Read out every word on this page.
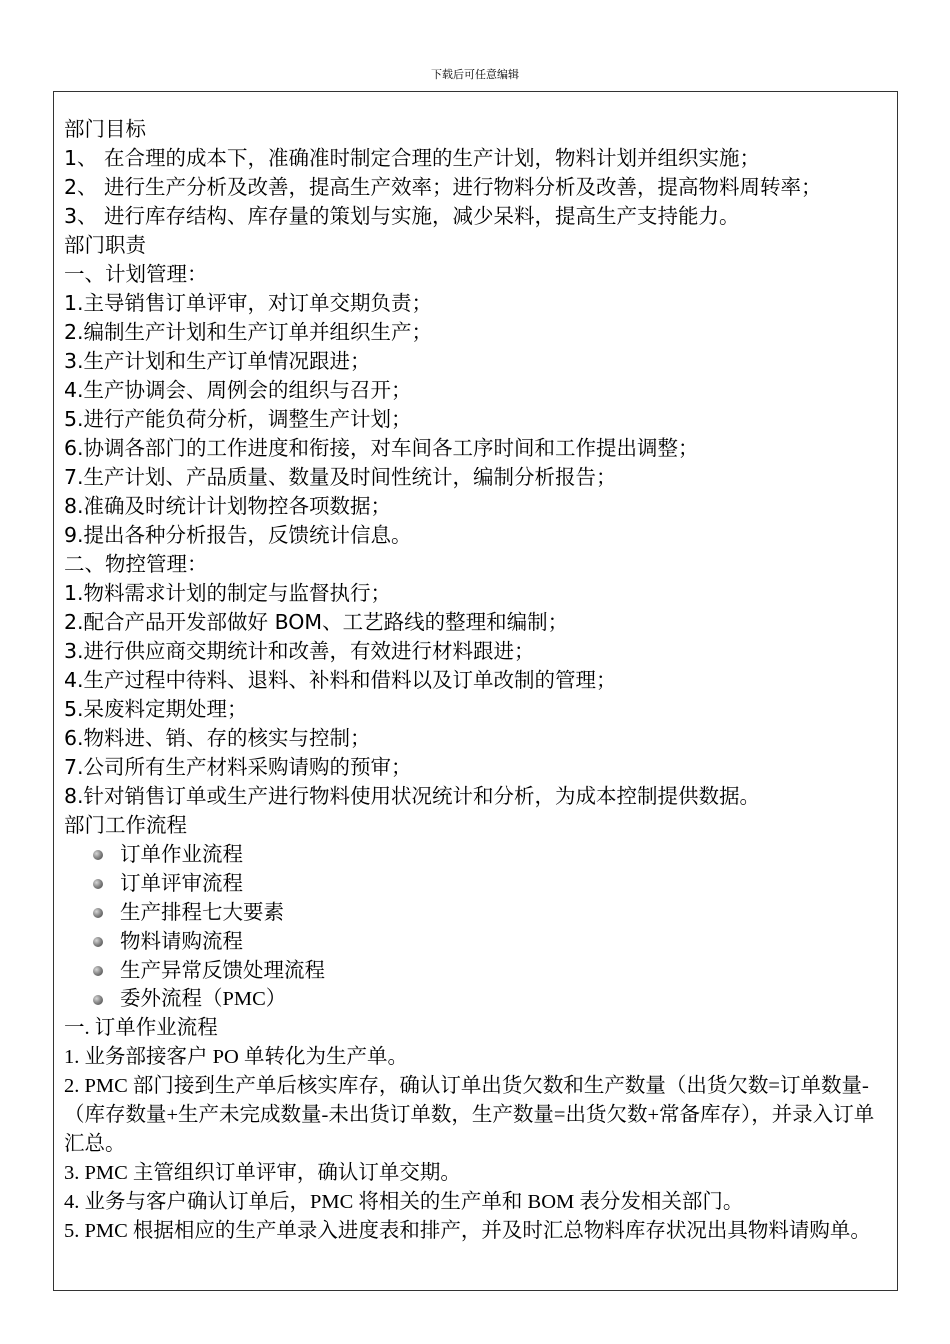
下载后可任意编辑
部门目标
1、 在合理的成本下，准确准时制定合理的生产计划，物料计划并组织实施；
2、 进行生产分析及改善，提高生产效率；进行物料分析及改善，提高物料周转率；
3、 进行库存结构、库存量的策划与实施，减少呆料，提高生产支持能力。
部门职责
一、计划管理：
1.主导销售订单评审，对订单交期负责；
2.编制生产计划和生产订单并组织生产；
3.生产计划和生产订单情况跟进；
4.生产协调会、周例会的组织与召开；
5.进行产能负荷分析，调整生产计划；
6.协调各部门的工作进度和衔接，对车间各工序时间和工作提出调整；
7.生产计划、产品质量、数量及时间性统计，编制分析报告；
8.准确及时统计计划物控各项数据；
9.提出各种分析报告，反馈统计信息。
二、物控管理：
1.物料需求计划的制定与监督执行；
2.配合产品开发部做好 BOM、工艺路线的整理和编制；
3.进行供应商交期统计和改善，有效进行材料跟进；
4.生产过程中待料、退料、补料和借料以及订单改制的管理；
5.呆废料定期处理；
6.物料进、销、存的核实与控制；
7.公司所有生产材料采购请购的预审；
8.针对销售订单或生产进行物料使用状况统计和分析，为成本控制提供数据。
部门工作流程
订单作业流程
订单评审流程
生产排程七大要素
物料请购流程
生产异常反馈处理流程
委外流程（PMC）
一. 订单作业流程
1. 业务部接客户 PO 单转化为生产单。
2. PMC 部门接到生产单后核实库存，确认订单出货欠数和生产数量（出货欠数=订单数量-（库存数量+生产未完成数量-未出货订单数，生产数量=出货欠数+常备库存），并录入订单汇总。
3. PMC 主管组织订单评审，确认订单交期。
4. 业务与客户确认订单后，PMC 将相关的生产单和 BOM 表分发相关部门。
5. PMC 根据相应的生产单录入进度表和排产，并及时汇总物料库存状况出具物料请购单。
